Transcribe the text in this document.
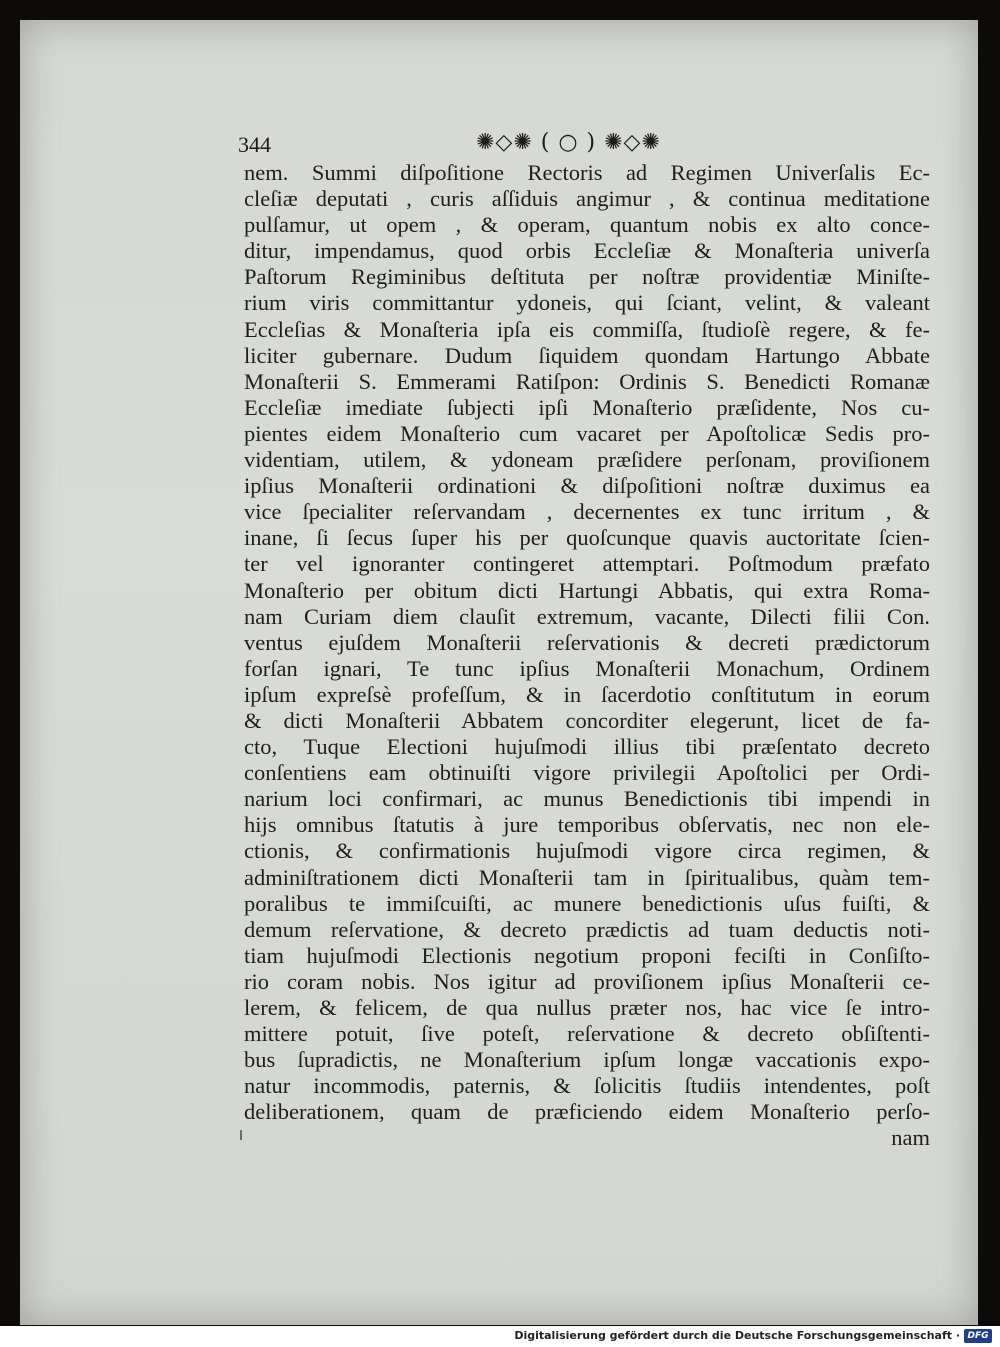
344	✺◇✺ ( ○ ) ✺◇✺
nem. Summi diſpoſitione Rectoris ad Regimen Univerſalis Ec-
cleſiæ deputati , curis aſſiduis angimur , & continua meditatione
pulſamur, ut opem , & operam, quantum nobis ex alto conce-
ditur, impendamus, quod orbis Eccleſiæ & Monaſteria univerſa
Paſtorum Regiminibus deſtituta per noſtræ providentiæ Miniſte-
rium viris committantur ydoneis, qui ſciant, velint, & valeant
Eccleſias & Monaſteria ipſa eis commiſſa, ſtudioſè regere, & fe-
liciter gubernare. Dudum ſiquidem quondam Hartungo Abbate
Monaſterii S. Emmerami Ratiſpon: Ordinis S. Benedicti Romanæ
Eccleſiæ imediate ſubjecti ipſi Monaſterio præſidente, Nos cu-
pientes eidem Monaſterio cum vacaret per Apoſtolicæ Sedis pro-
videntiam, utilem, & ydoneam præſidere perſonam, proviſionem
ipſius Monaſterii ordinationi & diſpoſitioni noſtræ duximus ea
vice ſpecialiter reſervandam , decernentes ex tunc irritum , &
inane, ſi ſecus ſuper his per quoſcunque quavis auctoritate ſcien-
ter vel ignoranter contingeret attemptari. Poſtmodum præfato
Monaſterio per obitum dicti Hartungi Abbatis, qui extra Roma-
nam Curiam diem clauſit extremum, vacante, Dilecti filii Con.
ventus ejuſdem Monaſterii reſervationis & decreti prædictorum
forſan ignari, Te tunc ipſius Monaſterii Monachum, Ordinem
ipſum expreſsè profeſſum, & in ſacerdotio conſtitutum in eorum
& dicti Monaſterii Abbatem concorditer elegerunt, licet de fa-
cto, Tuque Electioni hujuſmodi illius tibi præſentato decreto
conſentiens eam obtinuiſti vigore privilegii Apoſtolici per Ordi-
narium loci confirmari, ac munus Benedictionis tibi impendi in
hijs omnibus ſtatutis à jure temporibus obſervatis, nec non ele-
ctionis, & confirmationis hujuſmodi vigore circa regimen, &
adminiſtrationem dicti Monaſterii tam in ſpiritualibus, quàm tem-
poralibus te immiſcuiſti, ac munere benedictionis uſus fuiſti, &
demum reſervatione, & decreto prædictis ad tuam deductis noti-
tiam hujuſmodi Electionis negotium proponi feciſti in Conſiſto-
rio coram nobis. Nos igitur ad proviſionem ipſius Monaſterii ce-
lerem, & felicem, de qua nullus præter nos, hac vice ſe intro-
mittere potuit, ſive poteſt, reſervatione & decreto obſiſtenti-
bus ſupradictis, ne Monaſterium ipſum longæ vaccationis expo-
natur incommodis, paternis, & ſolicitis ſtudiis intendentes, poſt
deliberationem, quam de præficiendo eidem Monaſterio perſo-
nam
Digitalisierung gefördert durch die Deutsche Forschungsgemeinschaft · DFG
